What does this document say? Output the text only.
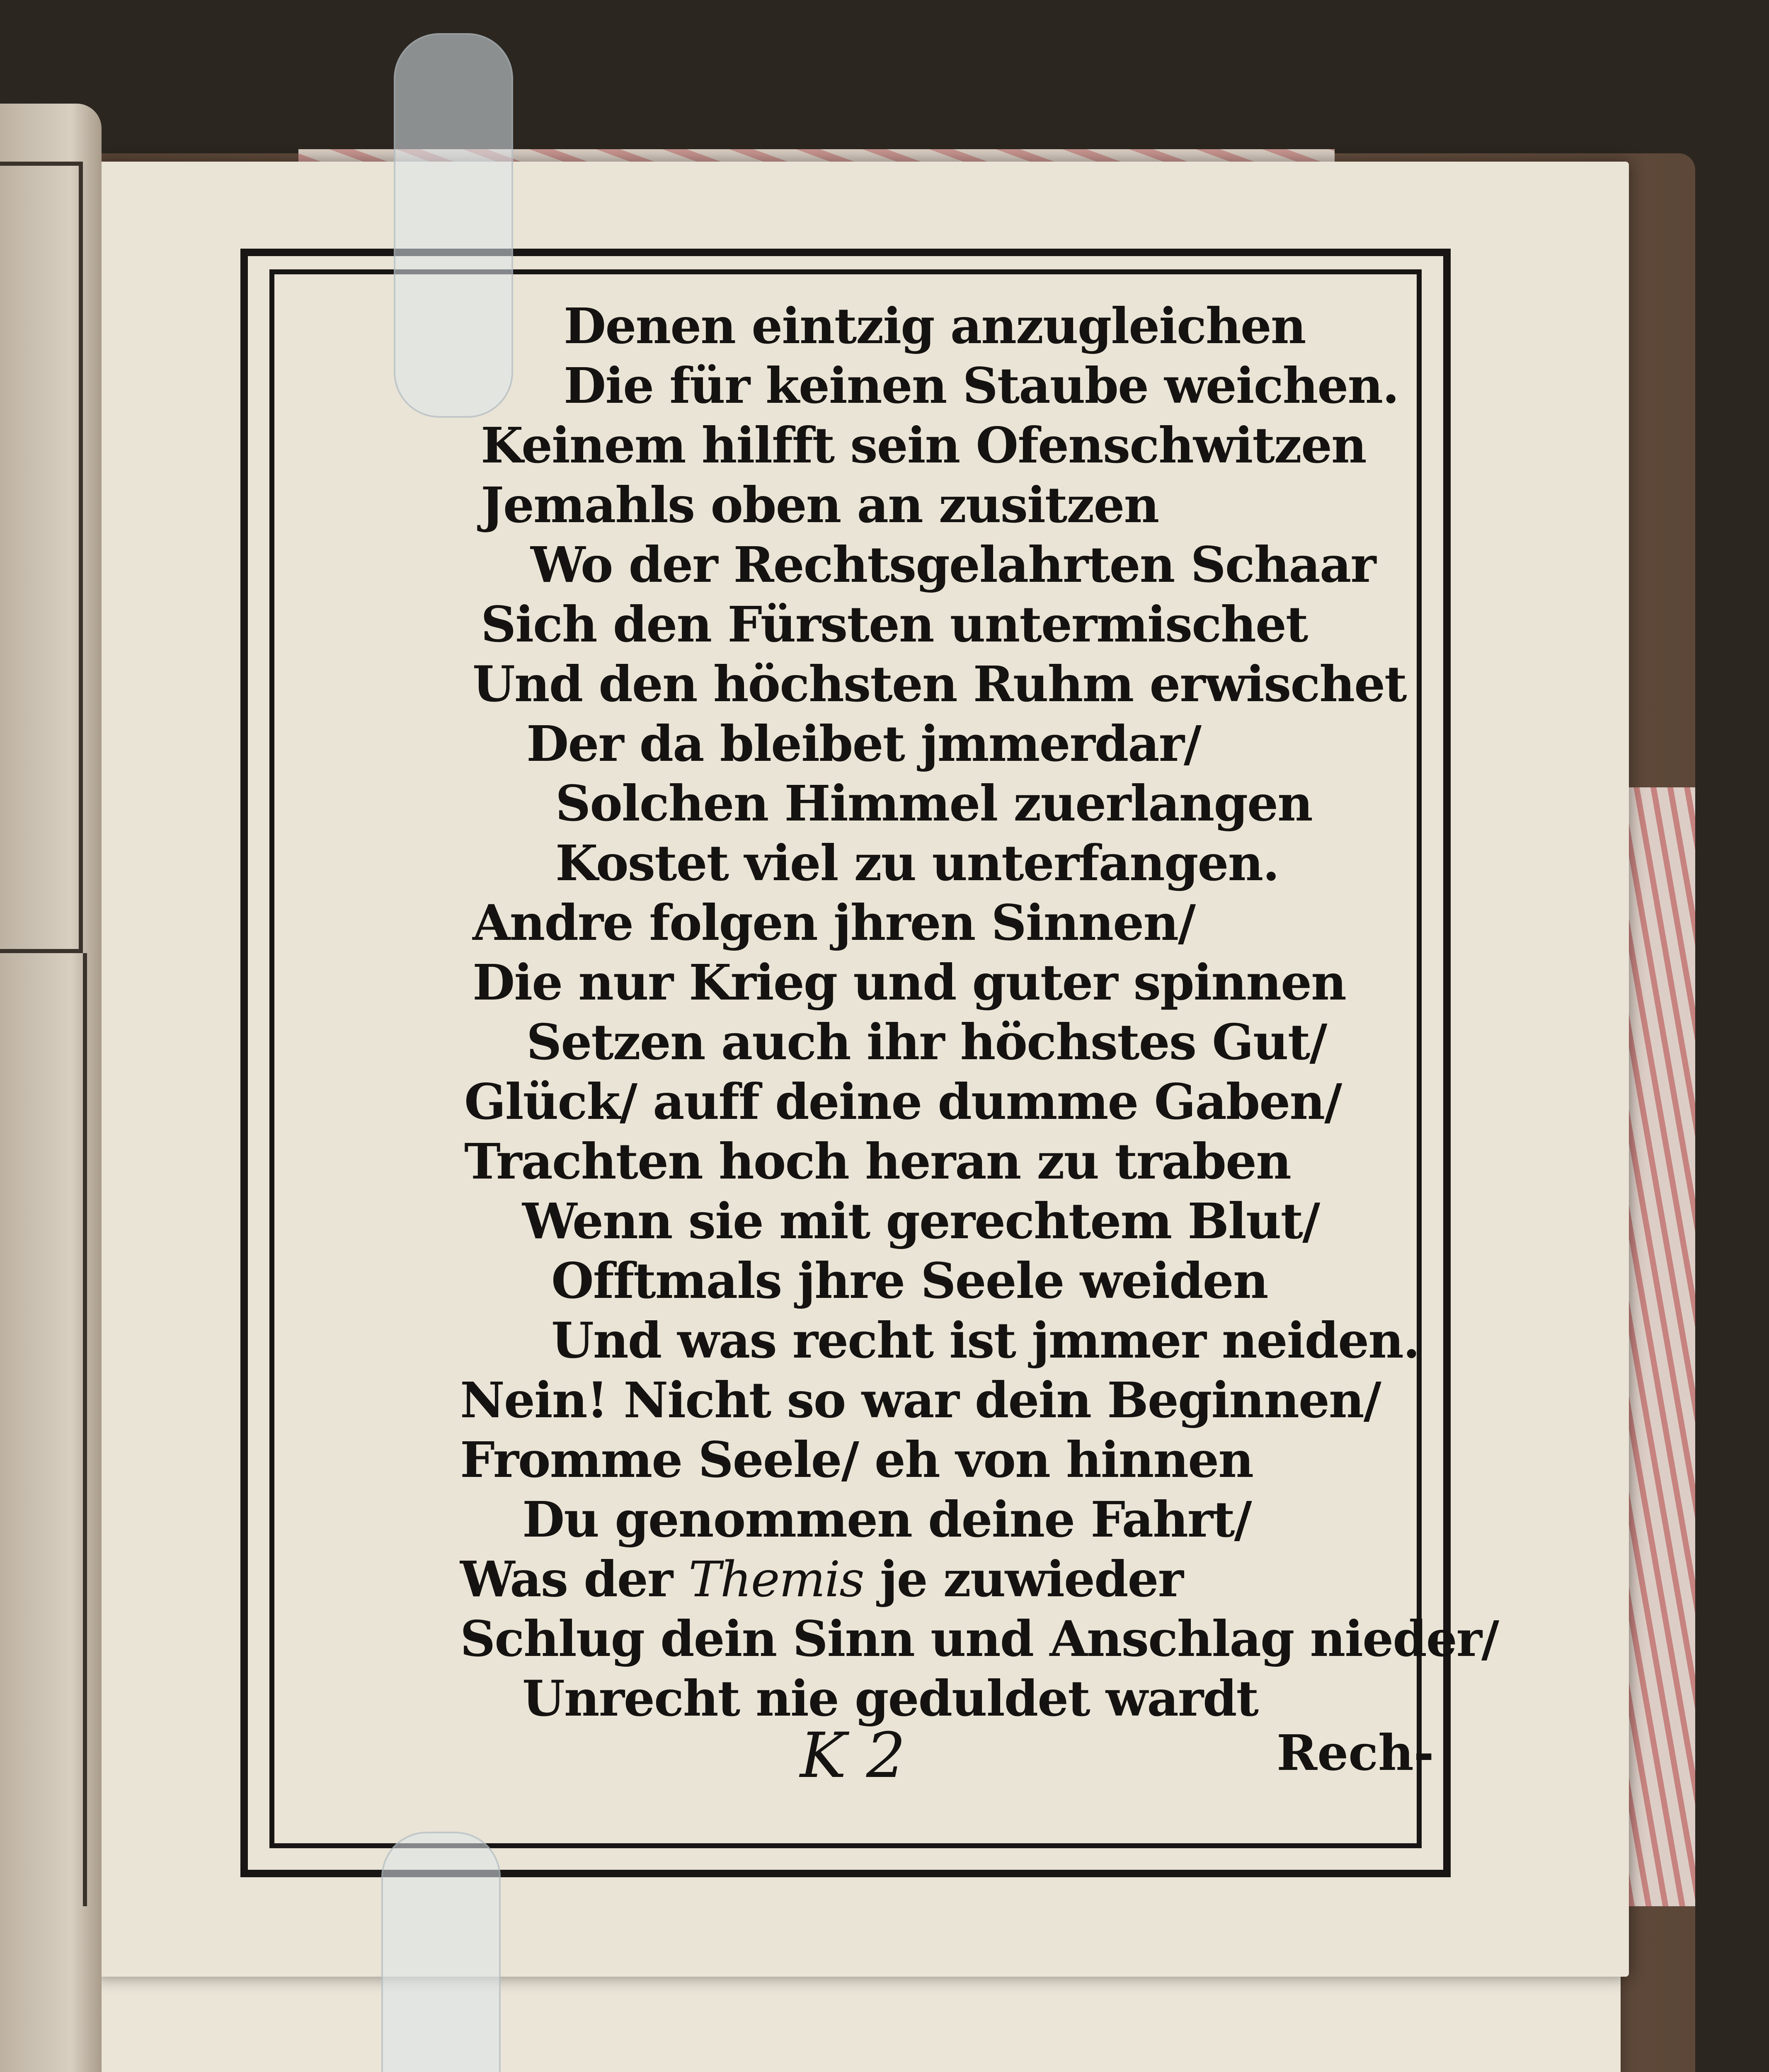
Denen eintzig anzugleichen
Die für keinen Staube weichen.
Keinem hilfft sein Ofenschwitzen
Jemahls oben an zusitzen
Wo der Rechtsgelahrten Schaar
Sich den Fürsten untermischet
Und den höchsten Ruhm erwischet
Der da bleibet jmmerdar/
Solchen Himmel zuerlangen
Kostet viel zu unterfangen.
Andre folgen jhren Sinnen/
Die nur Krieg und guter spinnen
Setzen auch ihr höchstes Gut/
Glück/ auff deine dumme Gaben/
Trachten hoch heran zu traben
Wenn sie mit gerechtem Blut/
Offtmals jhre Seele weiden
Und was recht ist jmmer neiden.
Nein! Nicht so war dein Beginnen/
Fromme Seele/ eh von hinnen
Du genommen deine Fahrt/
Was der Themis je zuwieder
Schlug dein Sinn und Anschlag nieder/
Unrecht nie geduldet wardt
K 2	Rech-
